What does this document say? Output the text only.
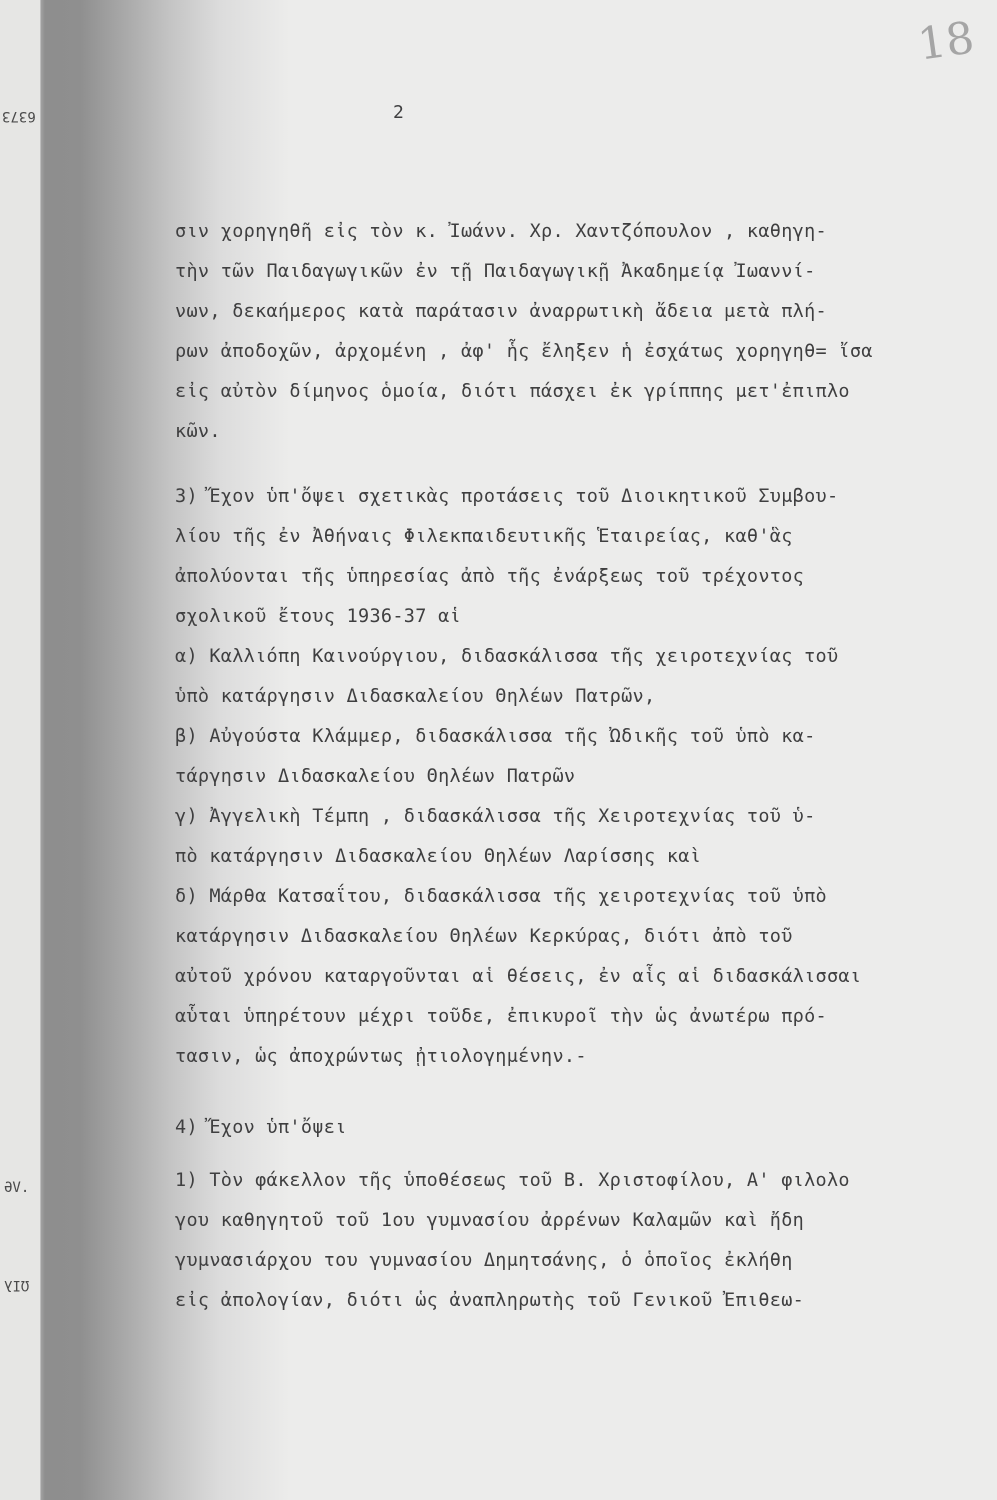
6373
ӘV.
ΩΙλ
18
2
σιν χορηγηθῆ εἰς τὸν κ. Ἰωάνν. Χρ. Χαντζόπουλον , καθηγη-
τὴν τῶν Παιδαγωγικῶν ἐν τῇ Παιδαγωγικῇ Ἀκαδημείᾳ Ἰωαννί-
νων, δεκαήμερος κατὰ παράτασιν ἀναρρωτικὴ ἄδεια μετὰ πλή-
ρων ἀποδοχῶν, ἀρχομένη , ἀφ' ἧς ἔληξεν ἡ ἐσχάτως χορηγηθ= ἴσα
εἰς αὐτὸν δίμηνος ὁμοία, διότι πάσχει ἐκ γρίππης μετ'ἐπιπλο
κῶν.
3) Ἔχον ὑπ'ὄψει σχετικὰς προτάσεις τοῦ Διοικητικοῦ Συμβου-
λίου τῆς ἐν Ἀθήναις Φιλεκπαιδευτικῆς Ἑταιρείας, καθ'ἃς
ἀπολύονται τῆς ὑπηρεσίας ἀπὸ τῆς ἐνάρξεως τοῦ τρέχοντος
σχολικοῦ ἔτους 1936-37 αἱ
α) Καλλιόπη Καινούργιου, διδασκάλισσα τῆς χειροτεχνίας τοῦ
ὑπὸ κατάργησιν Διδασκαλείου Θηλέων Πατρῶν,
β) Αὐγούστα Κλάμμερ, διδασκάλισσα τῆς Ὠδικῆς τοῦ ὑπὸ κα-
τάργησιν Διδασκαλείου Θηλέων Πατρῶν
γ) Ἀγγελικὴ Τέμπη , διδασκάλισσα τῆς Χειροτεχνίας τοῦ ὑ-
πὸ κατάργησιν Διδασκαλείου Θηλέων Λαρίσσης καὶ
δ) Μάρθα Κατσαΐτου, διδασκάλισσα τῆς χειροτεχνίας τοῦ ὑπὸ
κατάργησιν Διδασκαλείου Θηλέων Κερκύρας, διότι ἀπὸ τοῦ
αὐτοῦ χρόνου καταργοῦνται αἱ θέσεις, ἐν αἷς αἱ διδασκάλισσαι
αὗται ὑπηρέτουν μέχρι τοῦδε, ἐπικυροῖ τὴν ὡς ἀνωτέρω πρό-
τασιν, ὡς ἀποχρώντως ᾐτιολογημένην.-
4) Ἔχον ὑπ'ὄψει
1) Τὸν φάκελλον τῆς ὑποθέσεως τοῦ Β. Χριστοφίλου, Α' φιλολο
γου καθηγητοῦ τοῦ 1ου γυμνασίου ἀρρένων Καλαμῶν καὶ ἤδη
γυμνασιάρχου του γυμνασίου Δημητσάνης, ὁ ὁποῖος ἐκλήθη
εἰς ἀπολογίαν, διότι ὡς ἀναπληρωτὴς τοῦ Γενικοῦ Ἐπιθεω-
